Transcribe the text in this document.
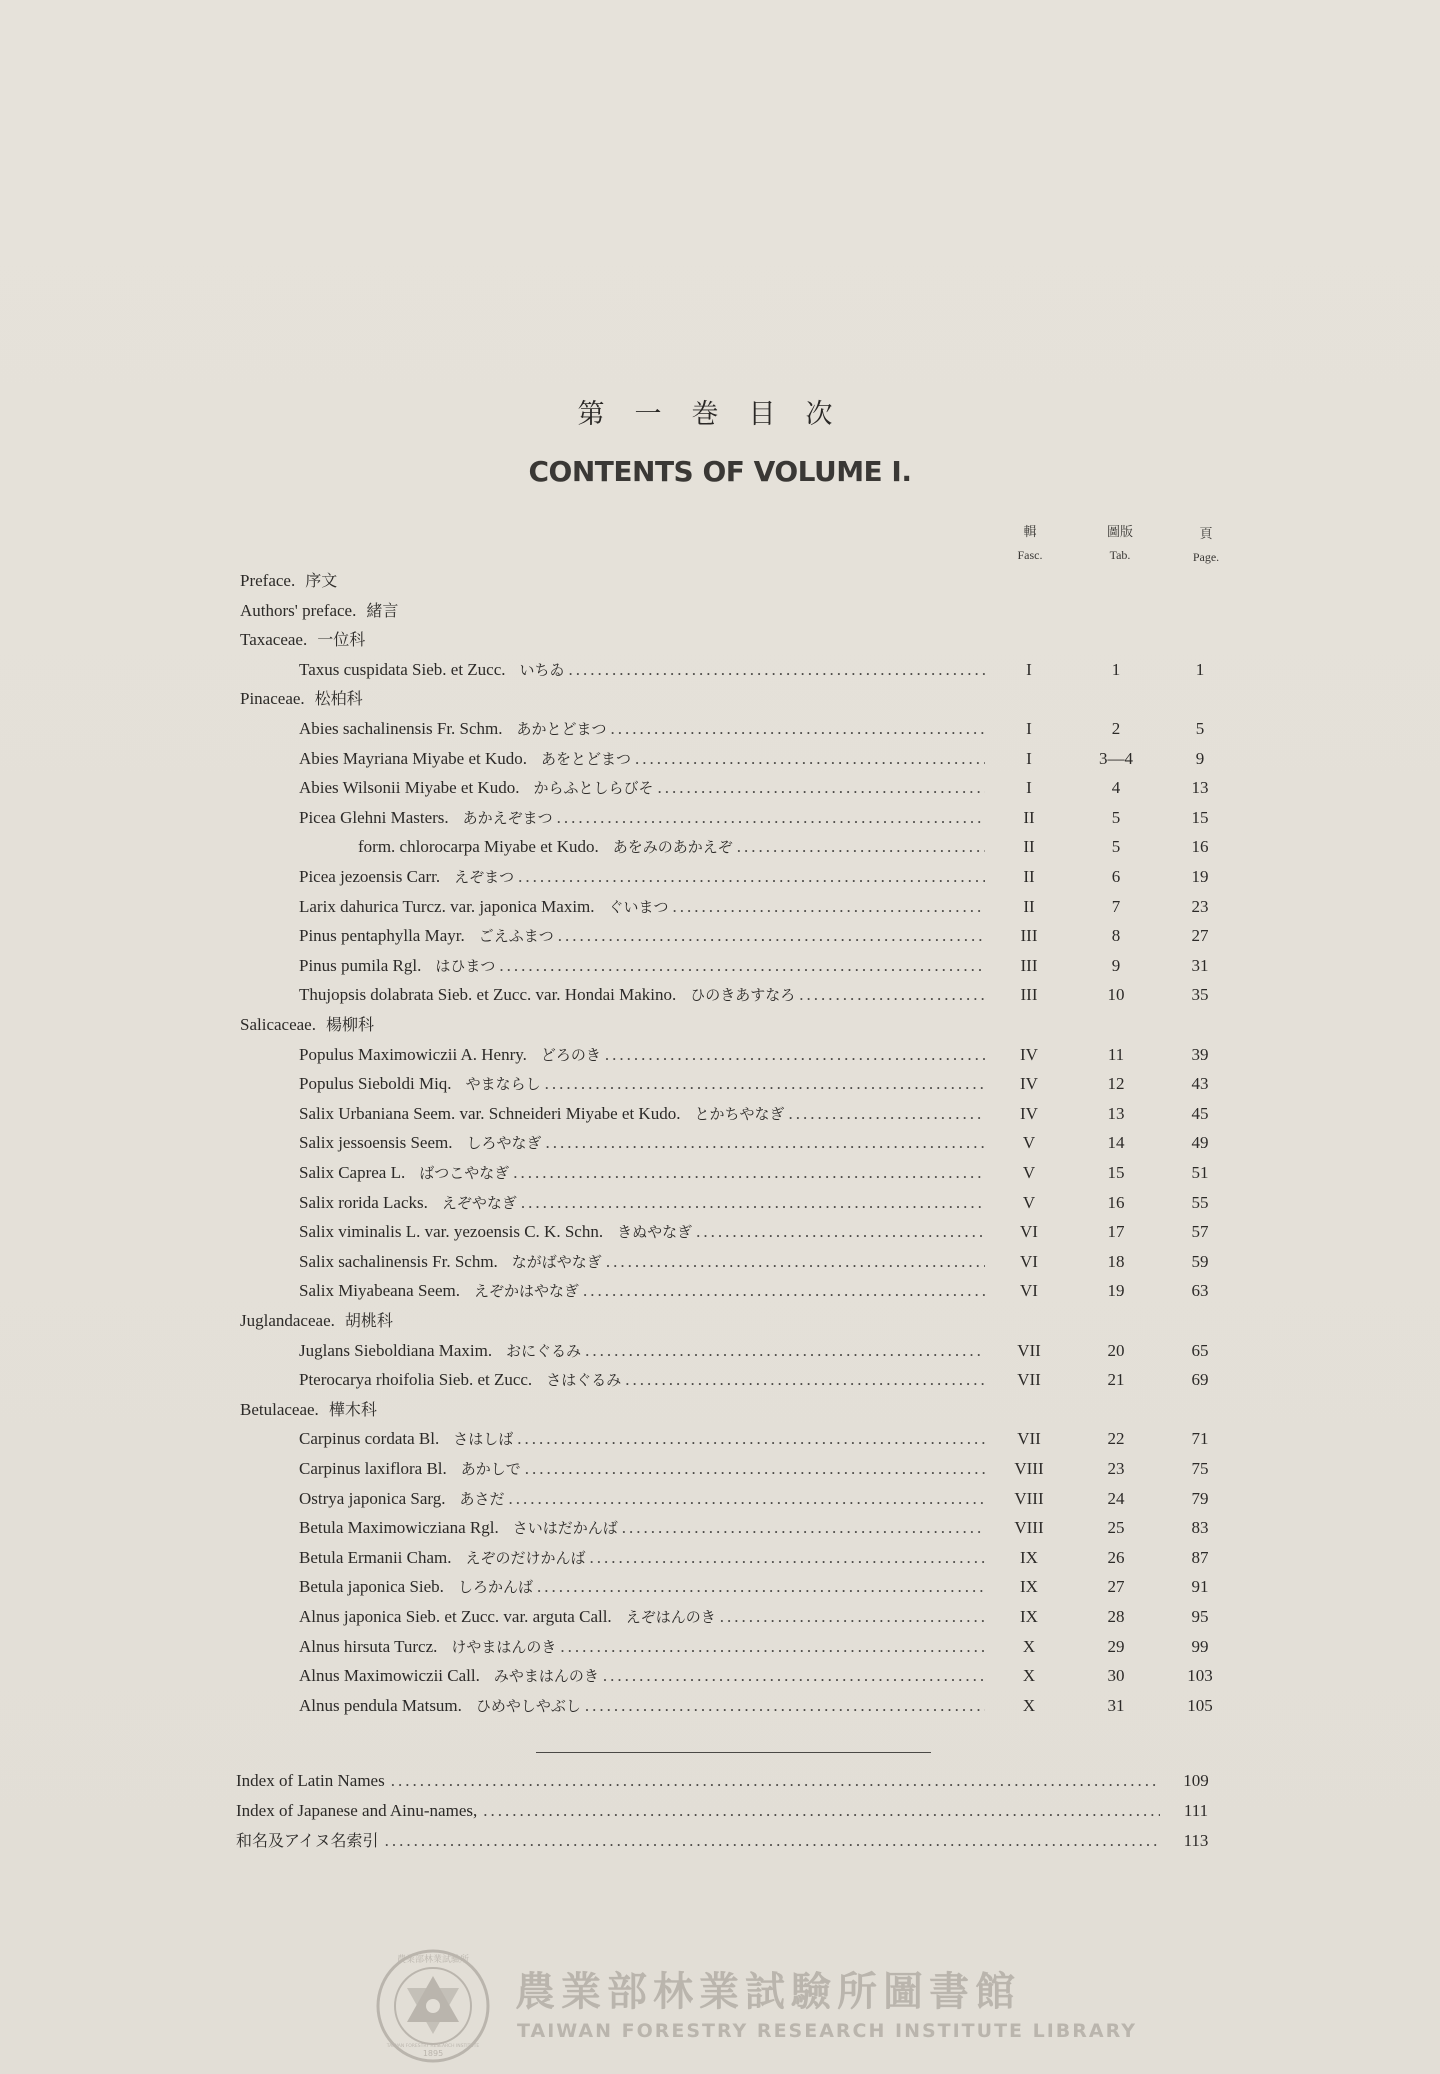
第一巻目次
CONTENTS OF VOLUME I.
輯
Fasc.
圖版
Tab.
頁
Page.
Preface. 序文
Authors' preface. 緒言
Taxaceae. 一位科
Taxus cuspidata Sieb. et Zucc. いちゐ .....	I	1	1
Pinaceae. 松柏科
Abies sachalinensis Fr. Schm. あかとどまつ .....	I	2	5
Abies Mayriana Miyabe et Kudo. あをとどまつ .....	I	3—4	9
Abies Wilsonii Miyabe et Kudo. からふとしらびそ .....	I	4	13
Picea Glehni Masters. あかえぞまつ .....	II	5	15
form. chlorocarpa Miyabe et Kudo. あをみのあかえぞ .....	II	5	16
Picea jezoensis Carr. えぞまつ .....	II	6	19
Larix dahurica Turcz. var. japonica Maxim. ぐいまつ .....	II	7	23
Pinus pentaphylla Mayr. ごえふまつ .....	III	8	27
Pinus pumila Rgl. はひまつ .....	III	9	31
Thujopsis dolabrata Sieb. et Zucc. var. Hondai Makino. ひのきあすなろ .....	III	10	35
Salicaceae. 楊柳科
Populus Maximowiczii A. Henry. どろのき .....	IV	11	39
Populus Sieboldi Miq. やまならし .....	IV	12	43
Salix Urbaniana Seem. var. Schneideri Miyabe et Kudo. とかちやなぎ .....	IV	13	45
Salix jessoensis Seem. しろやなぎ .....	V	14	49
Salix Caprea L. ばつこやなぎ .....	V	15	51
Salix rorida Lacks. えぞやなぎ .....	V	16	55
Salix viminalis L. var. yezoensis C. K. Schn. きぬやなぎ .....	VI	17	57
Salix sachalinensis Fr. Schm. ながばやなぎ .....	VI	18	59
Salix Miyabeana Seem. えぞかはやなぎ .....	VI	19	63
Juglandaceae. 胡桃科
Juglans Sieboldiana Maxim. おにぐるみ .....	VII	20	65
Pterocarya rhoifolia Sieb. et Zucc. さはぐるみ .....	VII	21	69
Betulaceae. 樺木科
Carpinus cordata Bl. さはしば .....	VII	22	71
Carpinus laxiflora Bl. あかしで .....	VIII	23	75
Ostrya japonica Sarg. あさだ .....	VIII	24	79
Betula Maximowicziana Rgl. さいはだかんば .....	VIII	25	83
Betula Ermanii Cham. えぞのだけかんば .....	IX	26	87
Betula japonica Sieb. しろかんば .....	IX	27	91
Alnus japonica Sieb. et Zucc. var. arguta Call. えぞはんのき .....	IX	28	95
Alnus hirsuta Turcz. けやまはんのき .....	X	29	99
Alnus Maximowiczii Call. みやまはんのき .....	X	30	103
Alnus pendula Matsum. ひめやしやぶし .....	X	31	105
Index of Latin Names .....	109
Index of Japanese and Ainu-names, .....	111
和名及アイヌ名索引 .....	113
農業部林業試驗所
1895
TAIWAN FORESTRY RESEARCH INSTITUTE
農業部林業試驗所圖書館
TAIWAN FORESTRY RESEARCH INSTITUTE LIBRARY
